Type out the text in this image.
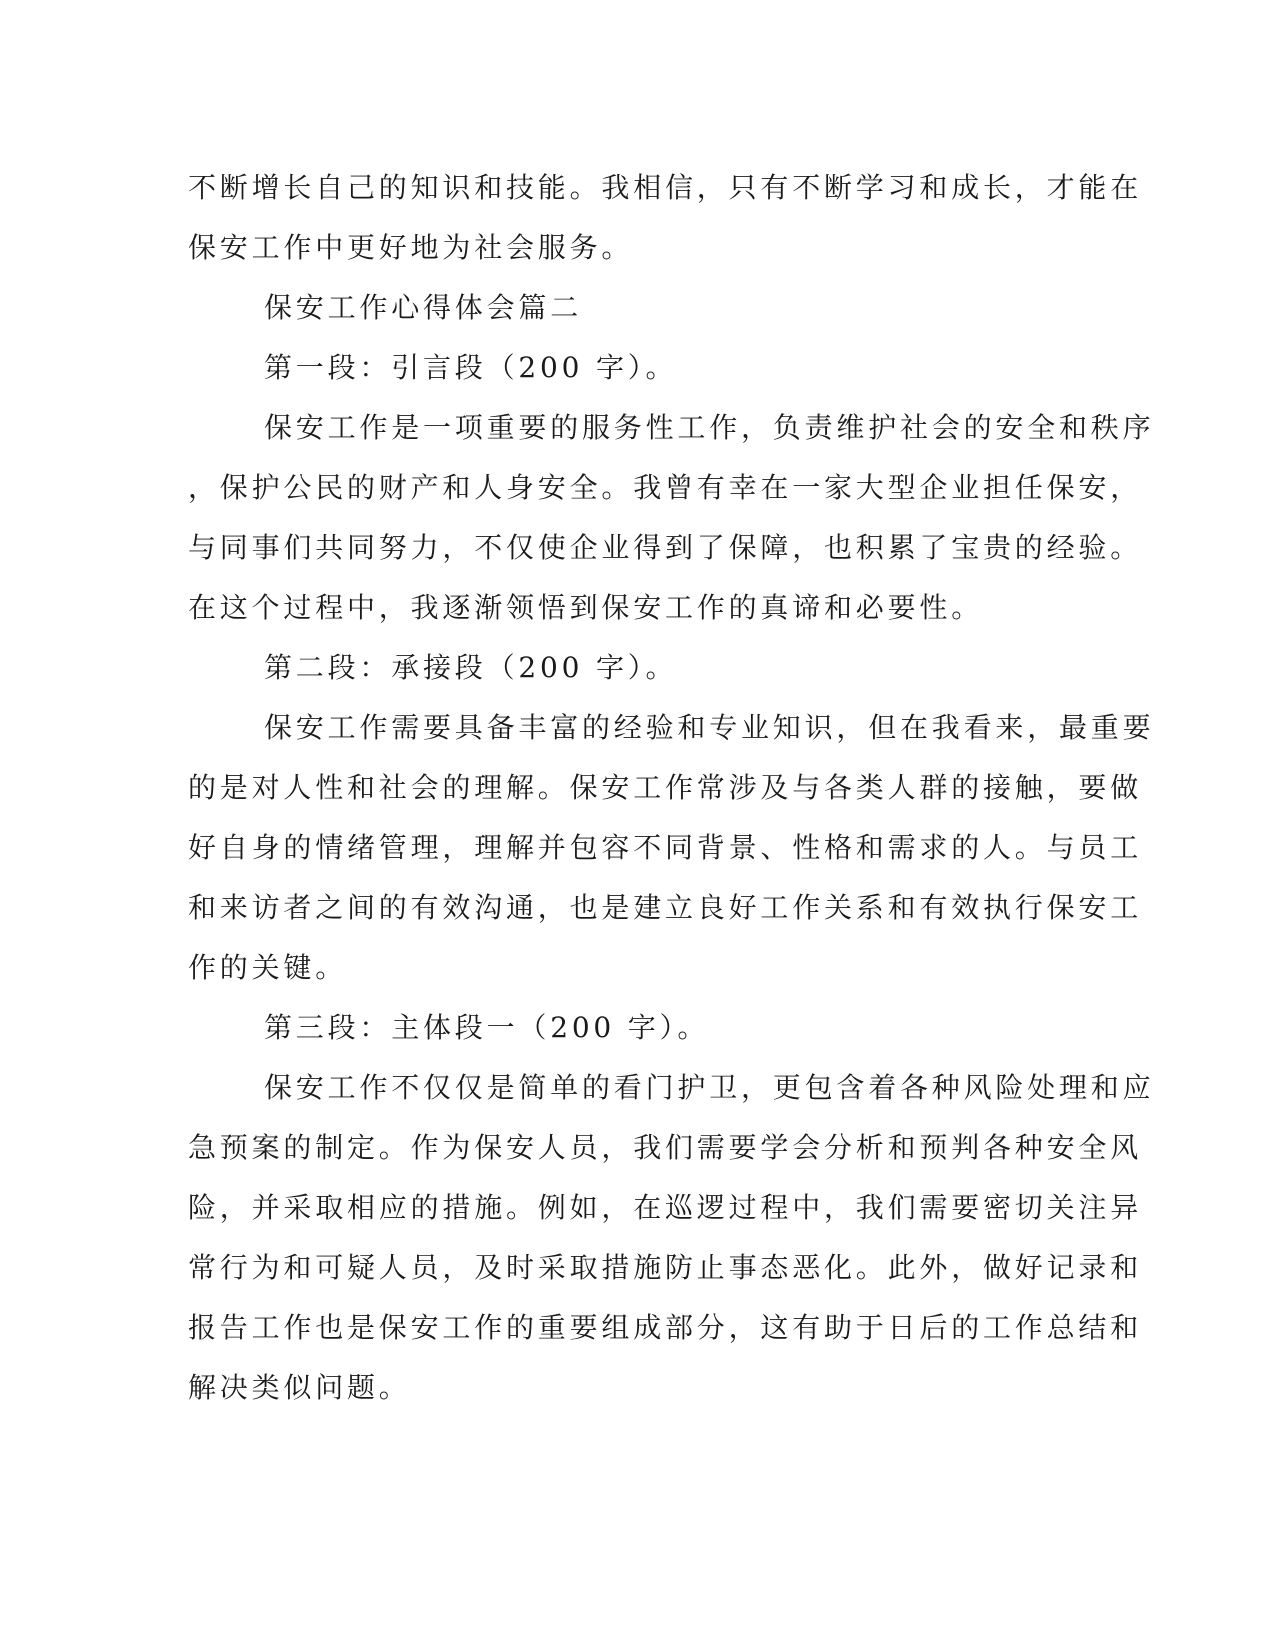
不断增长自己的知识和技能。我相信，只有不断学习和成长，才能在
保安工作中更好地为社会服务。
保安工作心得体会篇二
第一段：引言段（200 字）。
保安工作是一项重要的服务性工作，负责维护社会的安全和秩序
，保护公民的财产和人身安全。我曾有幸在一家大型企业担任保安，
与同事们共同努力，不仅使企业得到了保障，也积累了宝贵的经验。
在这个过程中，我逐渐领悟到保安工作的真谛和必要性。
第二段：承接段（200 字）。
保安工作需要具备丰富的经验和专业知识，但在我看来，最重要
的是对人性和社会的理解。保安工作常涉及与各类人群的接触，要做
好自身的情绪管理，理解并包容不同背景、性格和需求的人。与员工
和来访者之间的有效沟通，也是建立良好工作关系和有效执行保安工
作的关键。
第三段：主体段一（200 字）。
保安工作不仅仅是简单的看门护卫，更包含着各种风险处理和应
急预案的制定。作为保安人员，我们需要学会分析和预判各种安全风
险，并采取相应的措施。例如，在巡逻过程中，我们需要密切关注异
常行为和可疑人员，及时采取措施防止事态恶化。此外，做好记录和
报告工作也是保安工作的重要组成部分，这有助于日后的工作总结和
解决类似问题。
